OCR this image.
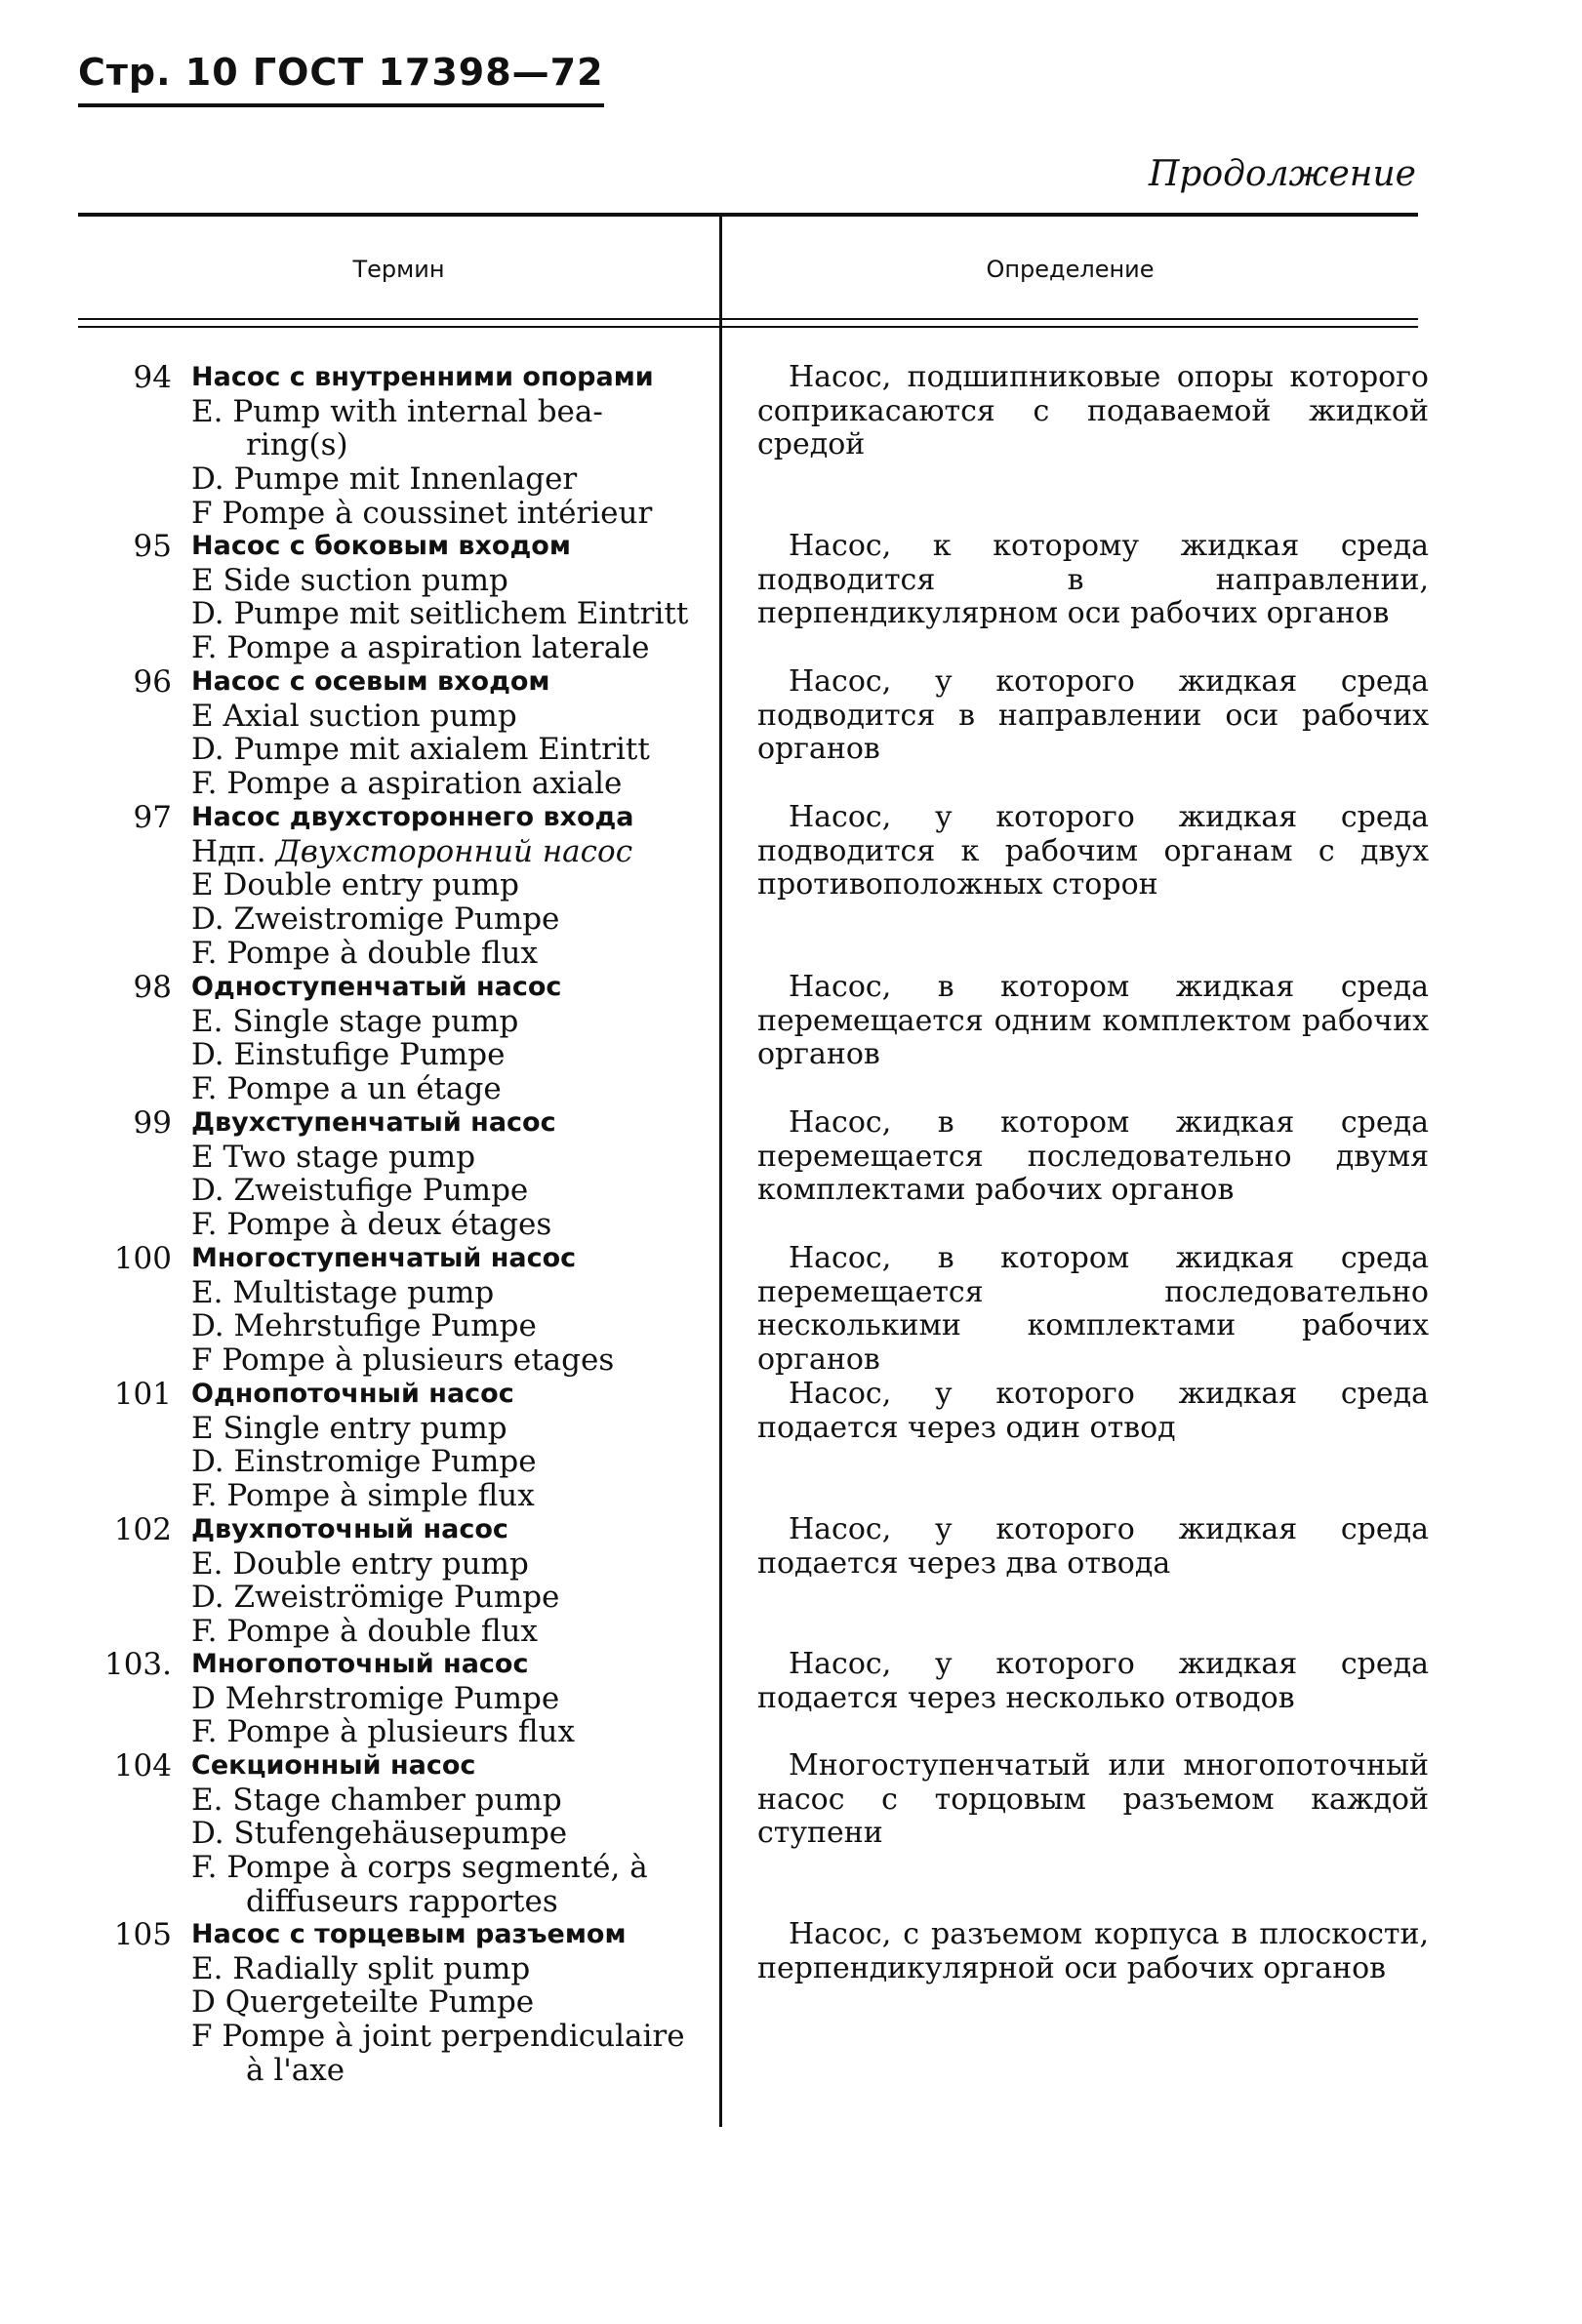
Стр. 10 ГОСТ 17398—72
Продолжение
Термин	Определение
94 Насос с внутренними опорами
E. Pump with internal bea-
ring(s)
D. Pumpe mit Innenlager
F Pompe à coussinet intérieur
Насос, подшипниковые опоры которого соприкасаются с подаваемой жидкой средой
95 Насос с боковым входом
E Side suction pump
D. Pumpe mit seitlichem Eintritt
F. Pompe a aspiration laterale
Насос, к которому жидкая среда подводится в направлении, перпендикулярном оси рабочих органов
96 Насос с осевым входом
E Axial suction pump
D. Pumpe mit axialem Eintritt
F. Pompe a aspiration axiale
Насос, у которого жидкая среда подводится в направлении оси рабочих органов
97 Насос двухстороннего входа
Ндп. Двухсторонний насос
E Double entry pump
D. Zweistromige Pumpe
F. Pompe à double flux
Насос, у которого жидкая среда подводится к рабочим органам с двух противоположных сторон
98 Одноступенчатый насос
E. Single stage pump
D. Einstufige Pumpe
F. Pompe a un étage
Насос, в котором жидкая среда перемещается одним комплектом рабочих органов
99 Двухступенчатый насос
E Two stage pump
D. Zweistufige Pumpe
F. Pompe à deux étages
Насос, в котором жидкая среда перемещается последовательно двумя комплектами рабочих органов
100 Многоступенчатый насос
E. Multistage pump
D. Mehrstufige Pumpe
F Pompe à plusieurs etages
Насос, в котором жидкая среда перемещается последовательно несколькими комплектами рабочих органов
101 Однопоточный насос
E Single entry pump
D. Einstromige Pumpe
F. Pompe à simple flux
Насос, у которого жидкая среда подается через один отвод
102 Двухпоточный насос
E. Double entry pump
D. Zweiströmige Pumpe
F. Pompe à double flux
Насос, у которого жидкая среда подается через два отвода
103. Многопоточный насос
D Mehrstromige Pumpe
F. Pompe à plusieurs flux
Насос, у которого жидкая среда подается через несколько отводов
104 Секционный насос
E. Stage chamber pump
D. Stufengehäusepumpe
F. Pompe à corps segmenté, à
diffuseurs rapportes
Многоступенчатый или многопоточный насос с торцовым разъемом каждой ступени
105 Насос с торцевым разъемом
E. Radially split pump
D Quergeteilte Pumpe
F Pompe à joint perpendiculaire
à l'axe
Насос, с разъемом корпуса в плоскости, перпендикулярной оси рабочих органов
